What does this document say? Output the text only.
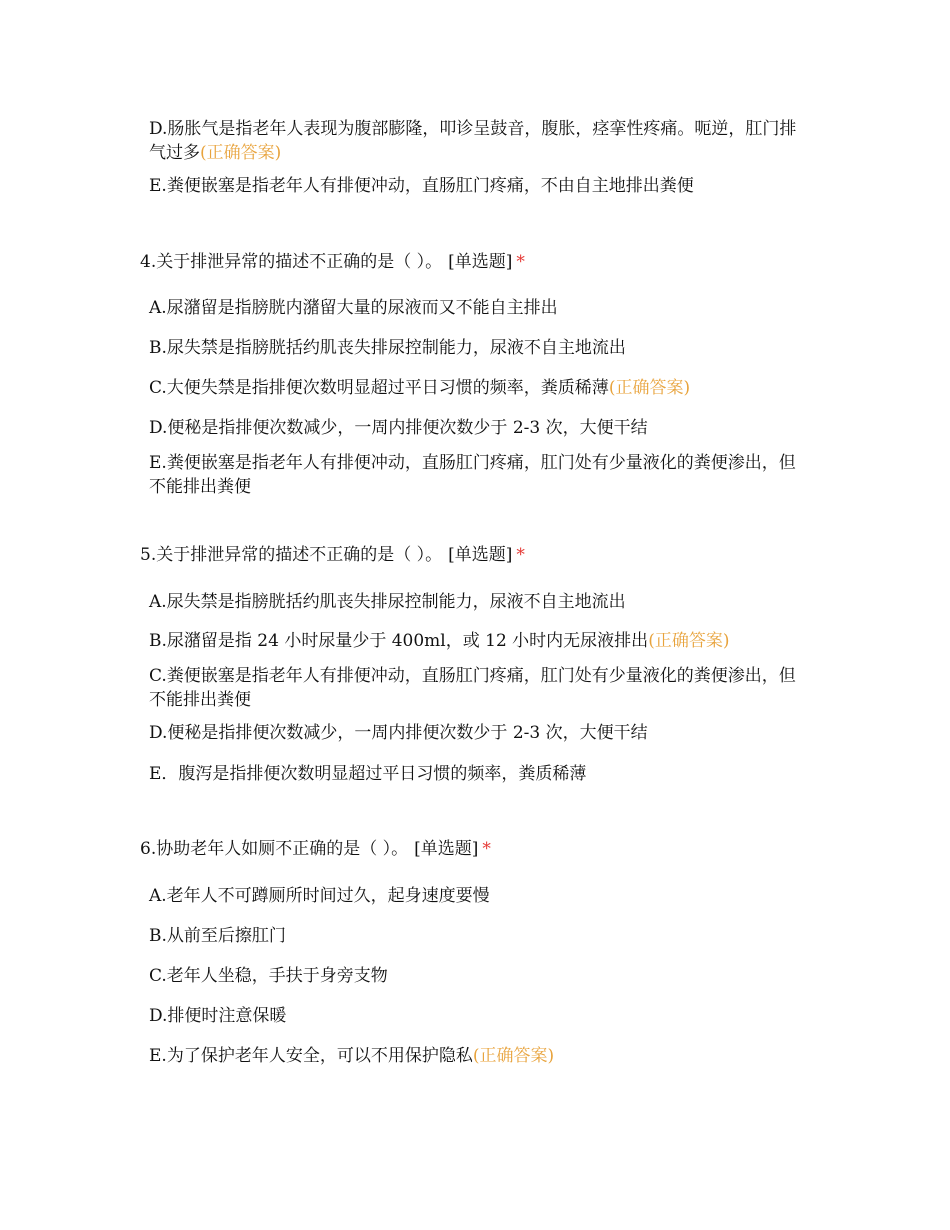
D.肠胀气是指老年人表现为腹部膨隆，叩诊呈鼓音，腹胀，痉挛性疼痛。呃逆，肛门排气过多(正确答案)
E.粪便嵌塞是指老年人有排便冲动，直肠肛门疼痛，不由自主地排出粪便
4.关于排泄异常的描述不正确的是（ ）。 [单选题] *
A.尿潴留是指膀胱内潴留大量的尿液而又不能自主排出
B.尿失禁是指膀胱括约肌丧失排尿控制能力，尿液不自主地流出
C.大便失禁是指排便次数明显超过平日习惯的频率，粪质稀薄(正确答案)
D.便秘是指排便次数减少，一周内排便次数少于 2-3 次，大便干结
E.粪便嵌塞是指老年人有排便冲动，直肠肛门疼痛，肛门处有少量液化的粪便渗出，但不能排出粪便
5.关于排泄异常的描述不正确的是（ ）。 [单选题] *
A.尿失禁是指膀胱括约肌丧失排尿控制能力，尿液不自主地流出
B.尿潴留是指 24 小时尿量少于 400ml，或 12 小时内无尿液排出(正确答案)
C.粪便嵌塞是指老年人有排便冲动，直肠肛门疼痛，肛门处有少量液化的粪便渗出，但不能排出粪便
D.便秘是指排便次数减少，一周内排便次数少于 2-3 次，大便干结
E．腹泻是指排便次数明显超过平日习惯的频率，粪质稀薄
6.协助老年人如厕不正确的是（ ）。 [单选题] *
A.老年人不可蹲厕所时间过久，起身速度要慢
B.从前至后擦肛门
C.老年人坐稳，手扶于身旁支物
D.排便时注意保暖
E.为了保护老年人安全，可以不用保护隐私(正确答案)
